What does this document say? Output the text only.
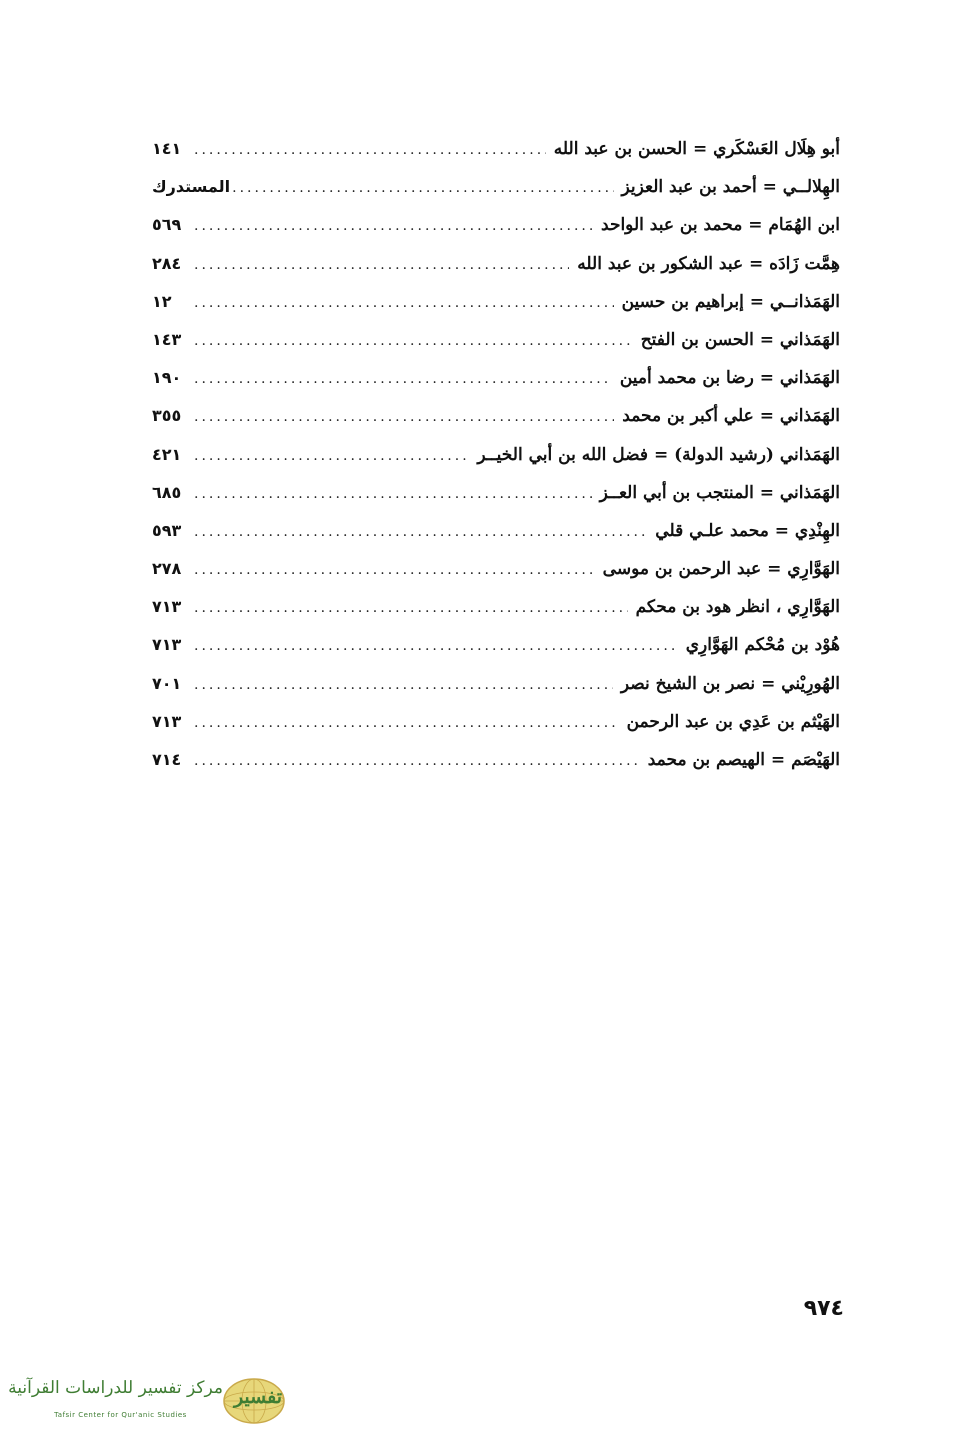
أبو هِلَال العَسْكَري = الحسن بن عبد الله
.....
١٤١
الهِلالــي = أحمد بن عبد العزيز
.....
المستدرك
ابن الهُمَام = محمد بن عبد الواحد
.....
٥٦٩
هِمَّت زَادَه = عبد الشكور بن عبد الله
.....
٢٨٤
الهَمَذانــي = إبراهيم بن حسين
.....
١٢
الهَمَذاني = الحسن بن الفتح
.....
١٤٣
الهَمَذاني = رضا بن محمد أمين
.....
١٩٠
الهَمَذاني = علي أكبر بن محمد
.....
٣٥٥
الهَمَذاني (رشيد الدولة) = فضل الله بن أبي الخيــر
.....
٤٢١
الهَمَذاني = المنتجب بن أبي العــز
.....
٦٨٥
الهِنْدِي = محمد علـي قلي
.....
٥٩٣
الهَوَّارِي = عبد الرحمن بن موسى
.....
٢٧٨
الهَوَّارِي ، انظر هود بن محكم
.....
٧١٣
هُوْد بن مُحْكم الهَوَّارِي
.....
٧١٣
الهُورِيْني = نصر بن الشيخ نصر
.....
٧٠١
الهَيْثم بن عَدِي بن عبد الرحمن
.....
٧١٣
الهَيْصَم = الهيصم بن محمد
.....
٧١٤
٩٧٤
مركز تفسير للدراسات القرآنية
Tafsir Center for Qur'anic Studies
تفسير
